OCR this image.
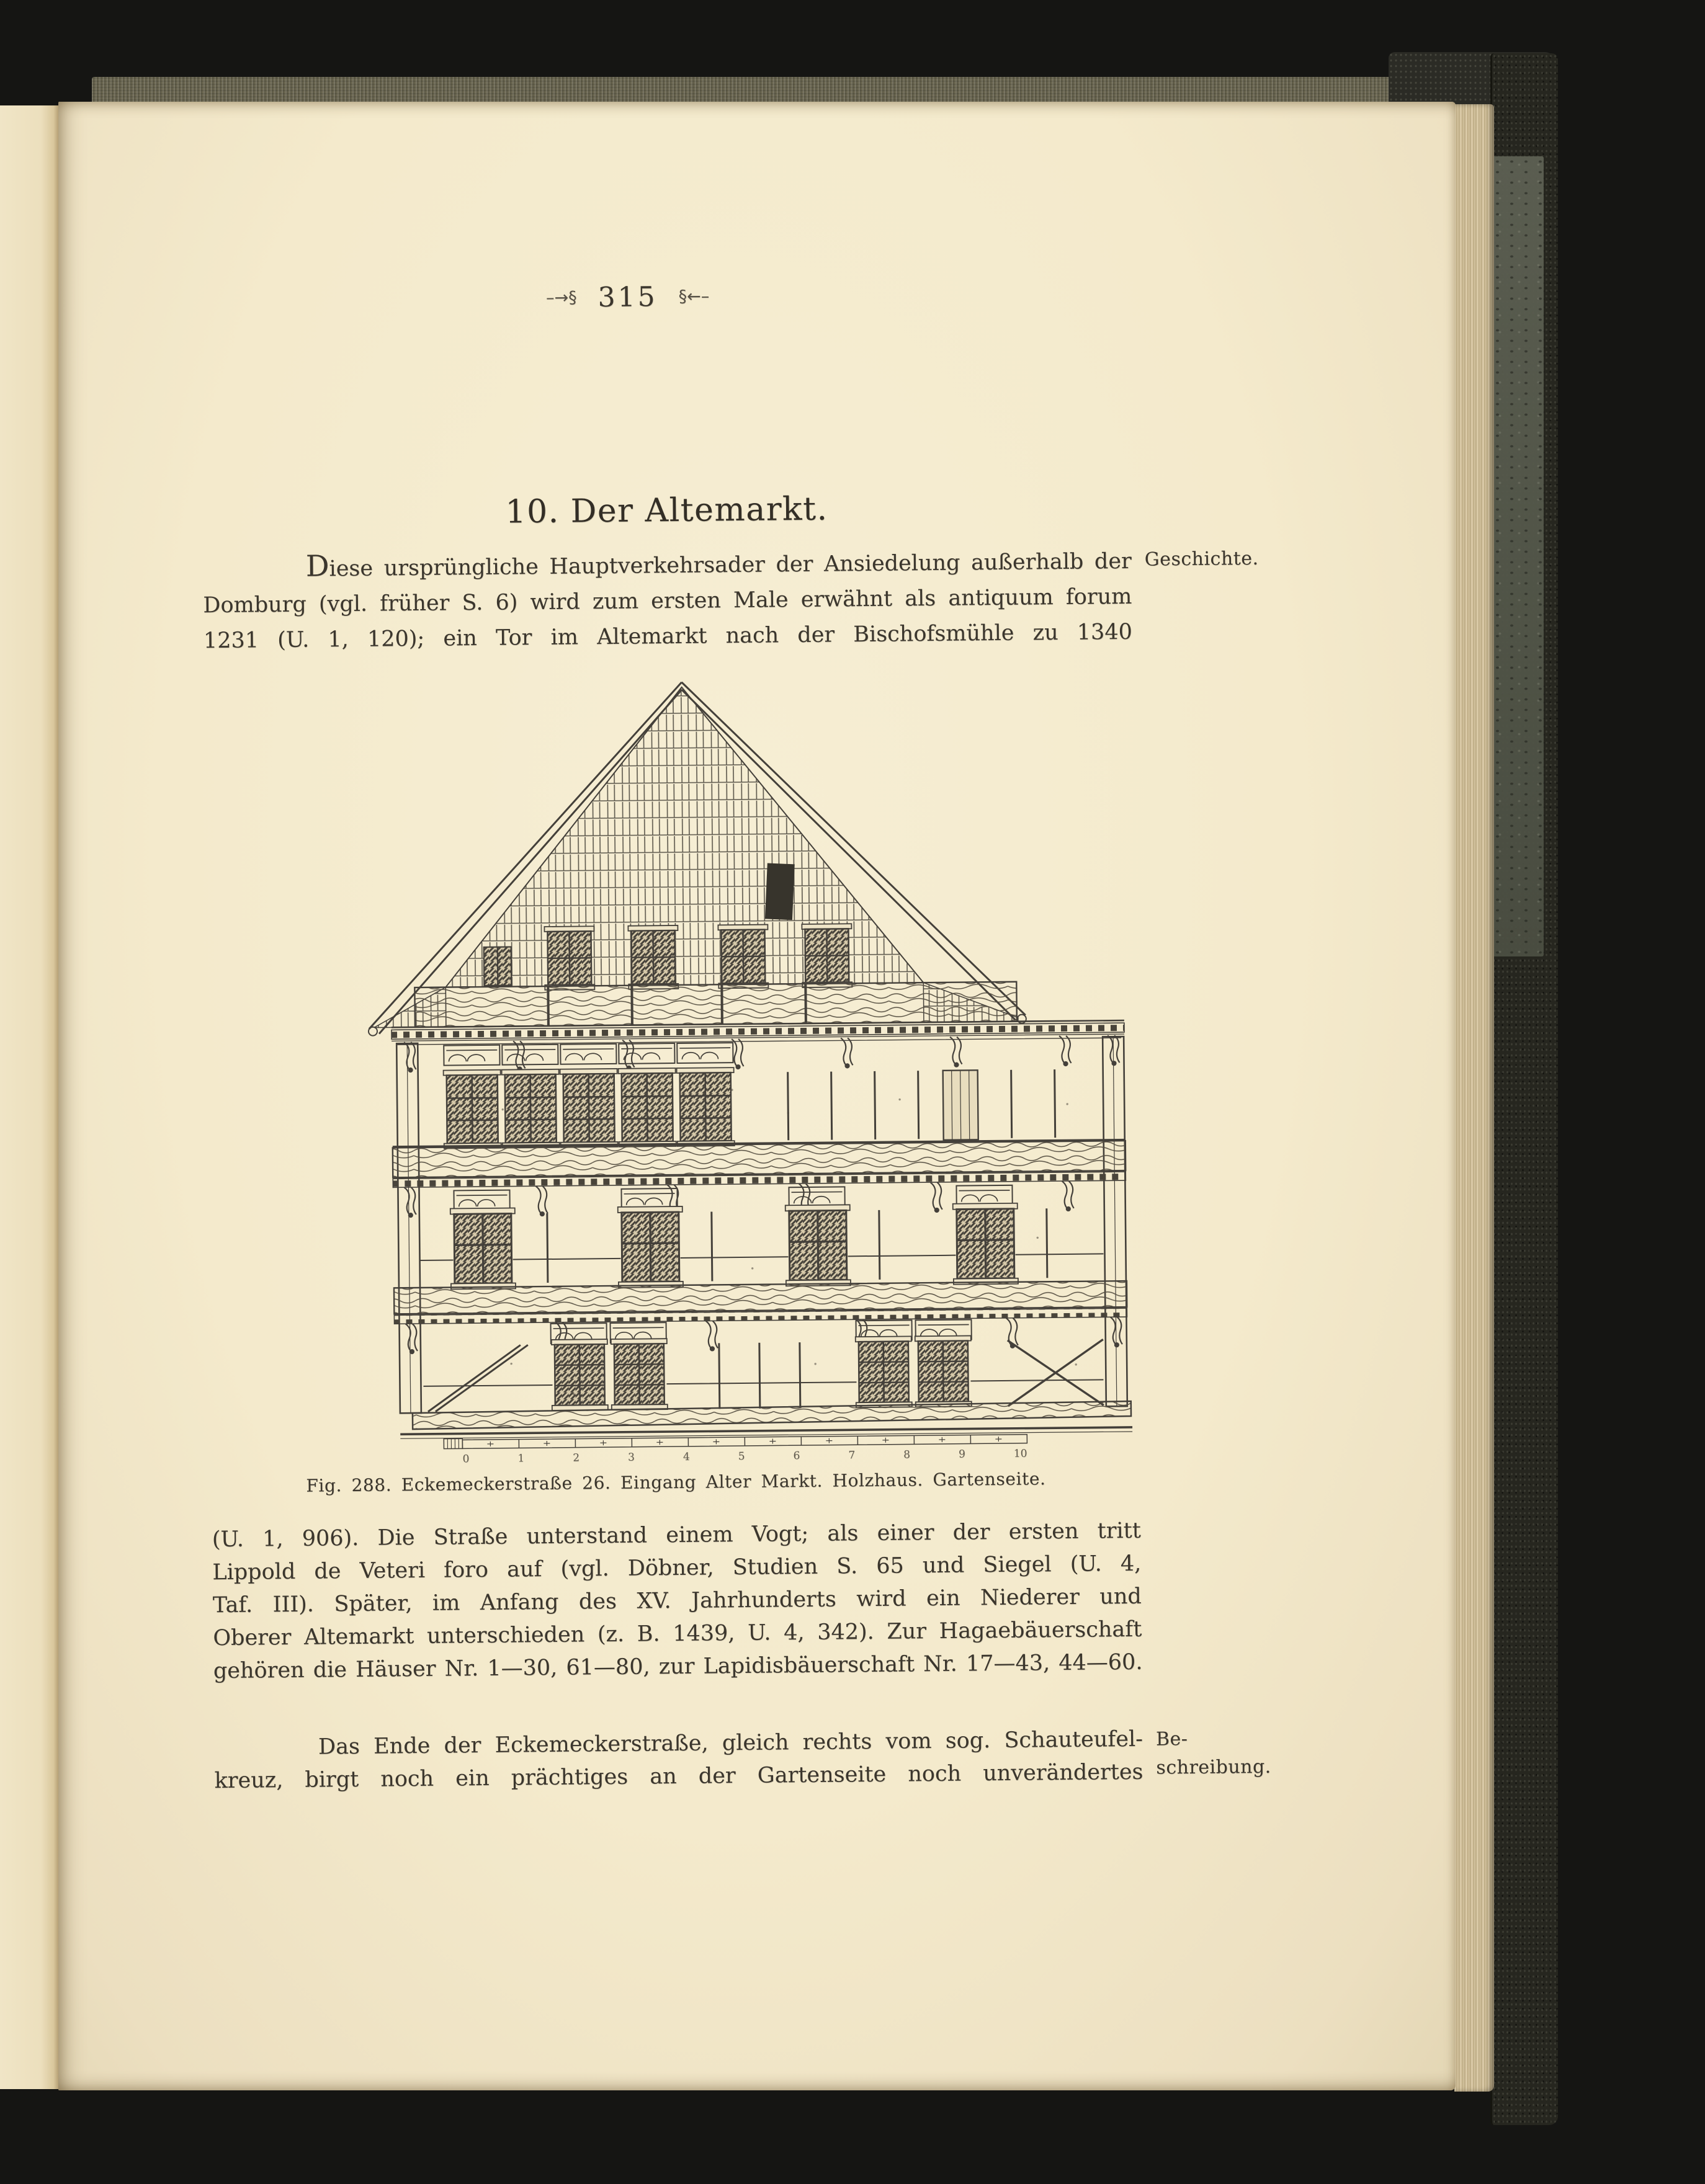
–→§ 315 §←–
10. Der Altemarkt.
Diese ursprüngliche Hauptverkehrsader der Ansiedelung außerhalb der
Domburg (vgl. früher S. 6) wird zum ersten Male erwähnt als antiquum forum
1231 (U. 1, 120); ein Tor im Altemarkt nach der Bischofsmühle zu 1340
Geschichte.
0	1	2	3	4	5	6	7	8	9	10
Fig. 288. Eckemeckerstraße 26. Eingang Alter Markt. Holzhaus. Gartenseite.
(U. 1, 906). Die Straße unterstand einem Vogt; als einer der ersten tritt
Lippold de Veteri foro auf (vgl. Döbner, Studien S. 65 und Siegel (U. 4,
Taf. III). Später, im Anfang des XV. Jahrhunderts wird ein Niederer und
Oberer Altemarkt unterschieden (z. B. 1439, U. 4, 342). Zur Hagaebäuerschaft
gehören die Häuser Nr. 1—30, 61—80, zur Lapidisbäuerschaft Nr. 17—43, 44—60.
Das Ende der Eckemeckerstraße, gleich rechts vom sog. Schauteufel-
kreuz, birgt noch ein prächtiges an der Gartenseite noch unverändertes
Be-
schreibung.
